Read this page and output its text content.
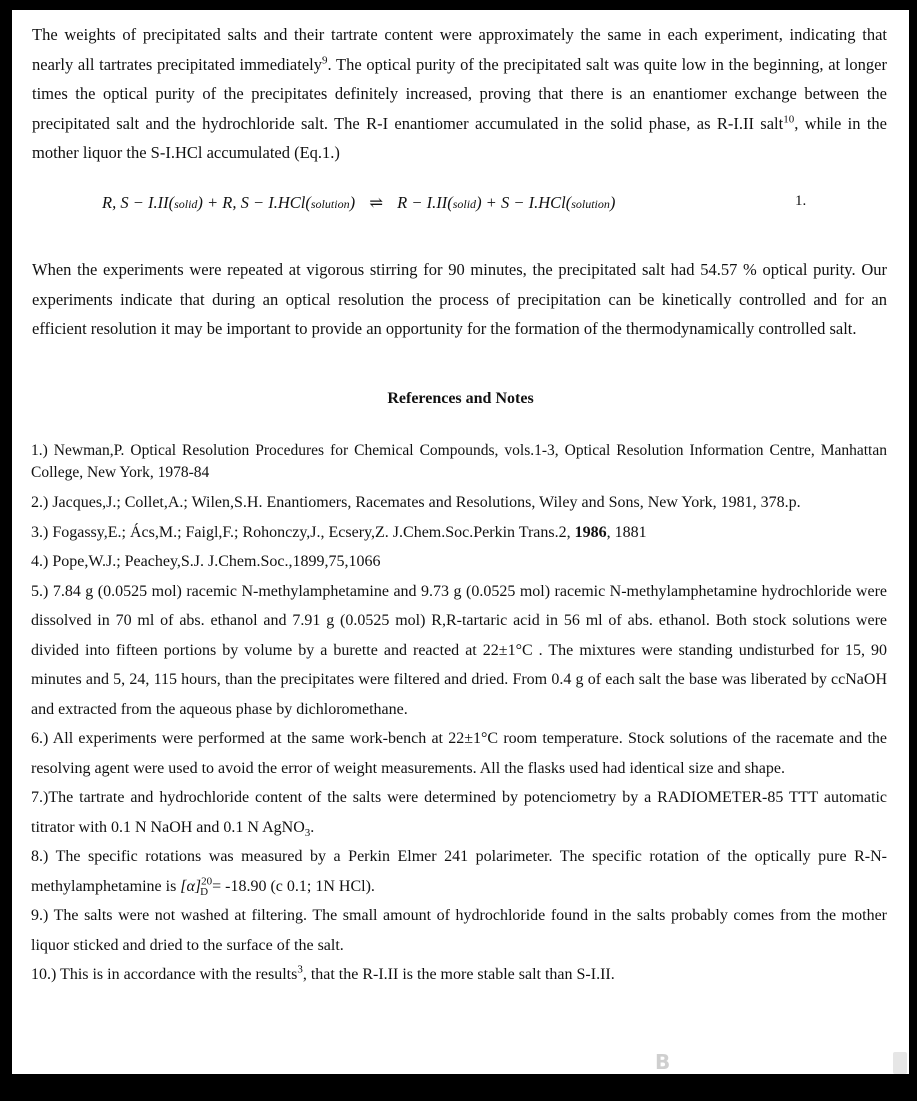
The weights of precipitated salts and their tartrate content were approximately the same in each experiment, indicating that nearly all tartrates precipitated immediately$^9$. The optical purity of the precipitated salt was quite low in the beginning, at longer times the optical purity of the precipitates definitely increased, proving that there is an enantiomer exchange between the precipitated salt and the hydrochloride salt. The R-I enantiomer accumulated in the solid phase, as R-I.II salt$^{10}$, while in the mother liquor the S-I.HCl accumulated (Eq.1.)

R, S − I.II(solid) + R, S − I.HCl(solution) ⇌ R − I.II(solid) + S − I.HCl(solution)	1.

When the experiments were repeated at vigorous stirring for 90 minutes, the precipitated salt had 54.57 % optical purity. Our experiments indicate that during an optical resolution the process of precipitation can be kinetically controlled and for an efficient resolution it may be important to provide an opportunity for the formation of the thermodynamically controlled salt.

References and Notes

1.) Newman,P. Optical Resolution Procedures for Chemical Compounds, vols.1-3, Optical Resolution Information Centre, Manhattan College, New York, 1978-84

2.) Jacques,J.; Collet,A.; Wilen,S.H. Enantiomers, Racemates and Resolutions, Wiley and Sons, New York, 1981, 378.p.

3.) Fogassy,E.; Ács,M.; Faigl,F.; Rohonczy,J., Ecsery,Z. J.Chem.Soc.Perkin Trans.2, 1986, 1881

4.) Pope,W.J.; Peachey,S.J. J.Chem.Soc.,1899,75,1066

5.) 7.84 g (0.0525 mol) racemic N-methylamphetamine and 9.73 g (0.0525 mol) racemic N-methylamphetamine hydrochloride were dissolved in 70 ml of abs. ethanol and 7.91 g (0.0525 mol) R,R-tartaric acid in 56 ml of abs. ethanol. Both stock solutions were divided into fifteen portions by volume by a burette and reacted at 22±1°C . The mixtures were standing undisturbed for 15, 90 minutes and 5, 24, 115 hours, than the precipitates were filtered and dried. From 0.4 g of each salt the base was liberated by ccNaOH and extracted from the aqueous phase by dichloromethane.

6.) All experiments were performed at the same work-bench at 22±1°C room temperature. Stock solutions of the racemate and the resolving agent were used to avoid the error of weight measurements. All the flasks used had identical size and shape.

7.)The tartrate and hydrochloride content of the salts were determined by potenciometry by a RADIOMETER-85 TTT automatic titrator with 0.1 N NaOH and 0.1 N AgNO$_3$.

8.) The specific rotations was measured by a Perkin Elmer 241 polarimeter. The specific rotation of the optically pure R-N-methylamphetamine is $[\alpha]^{20}_D = -18.90$ (c 0.1; 1N HCl).

9.) The salts were not washed at filtering. The small amount of hydrochloride found in the salts probably comes from the mother liquor sticked and dried to the surface of the salt.

10.) This is in accordance with the results$^3$, that the R-I.II is the more stable salt than S-I.II.

B
